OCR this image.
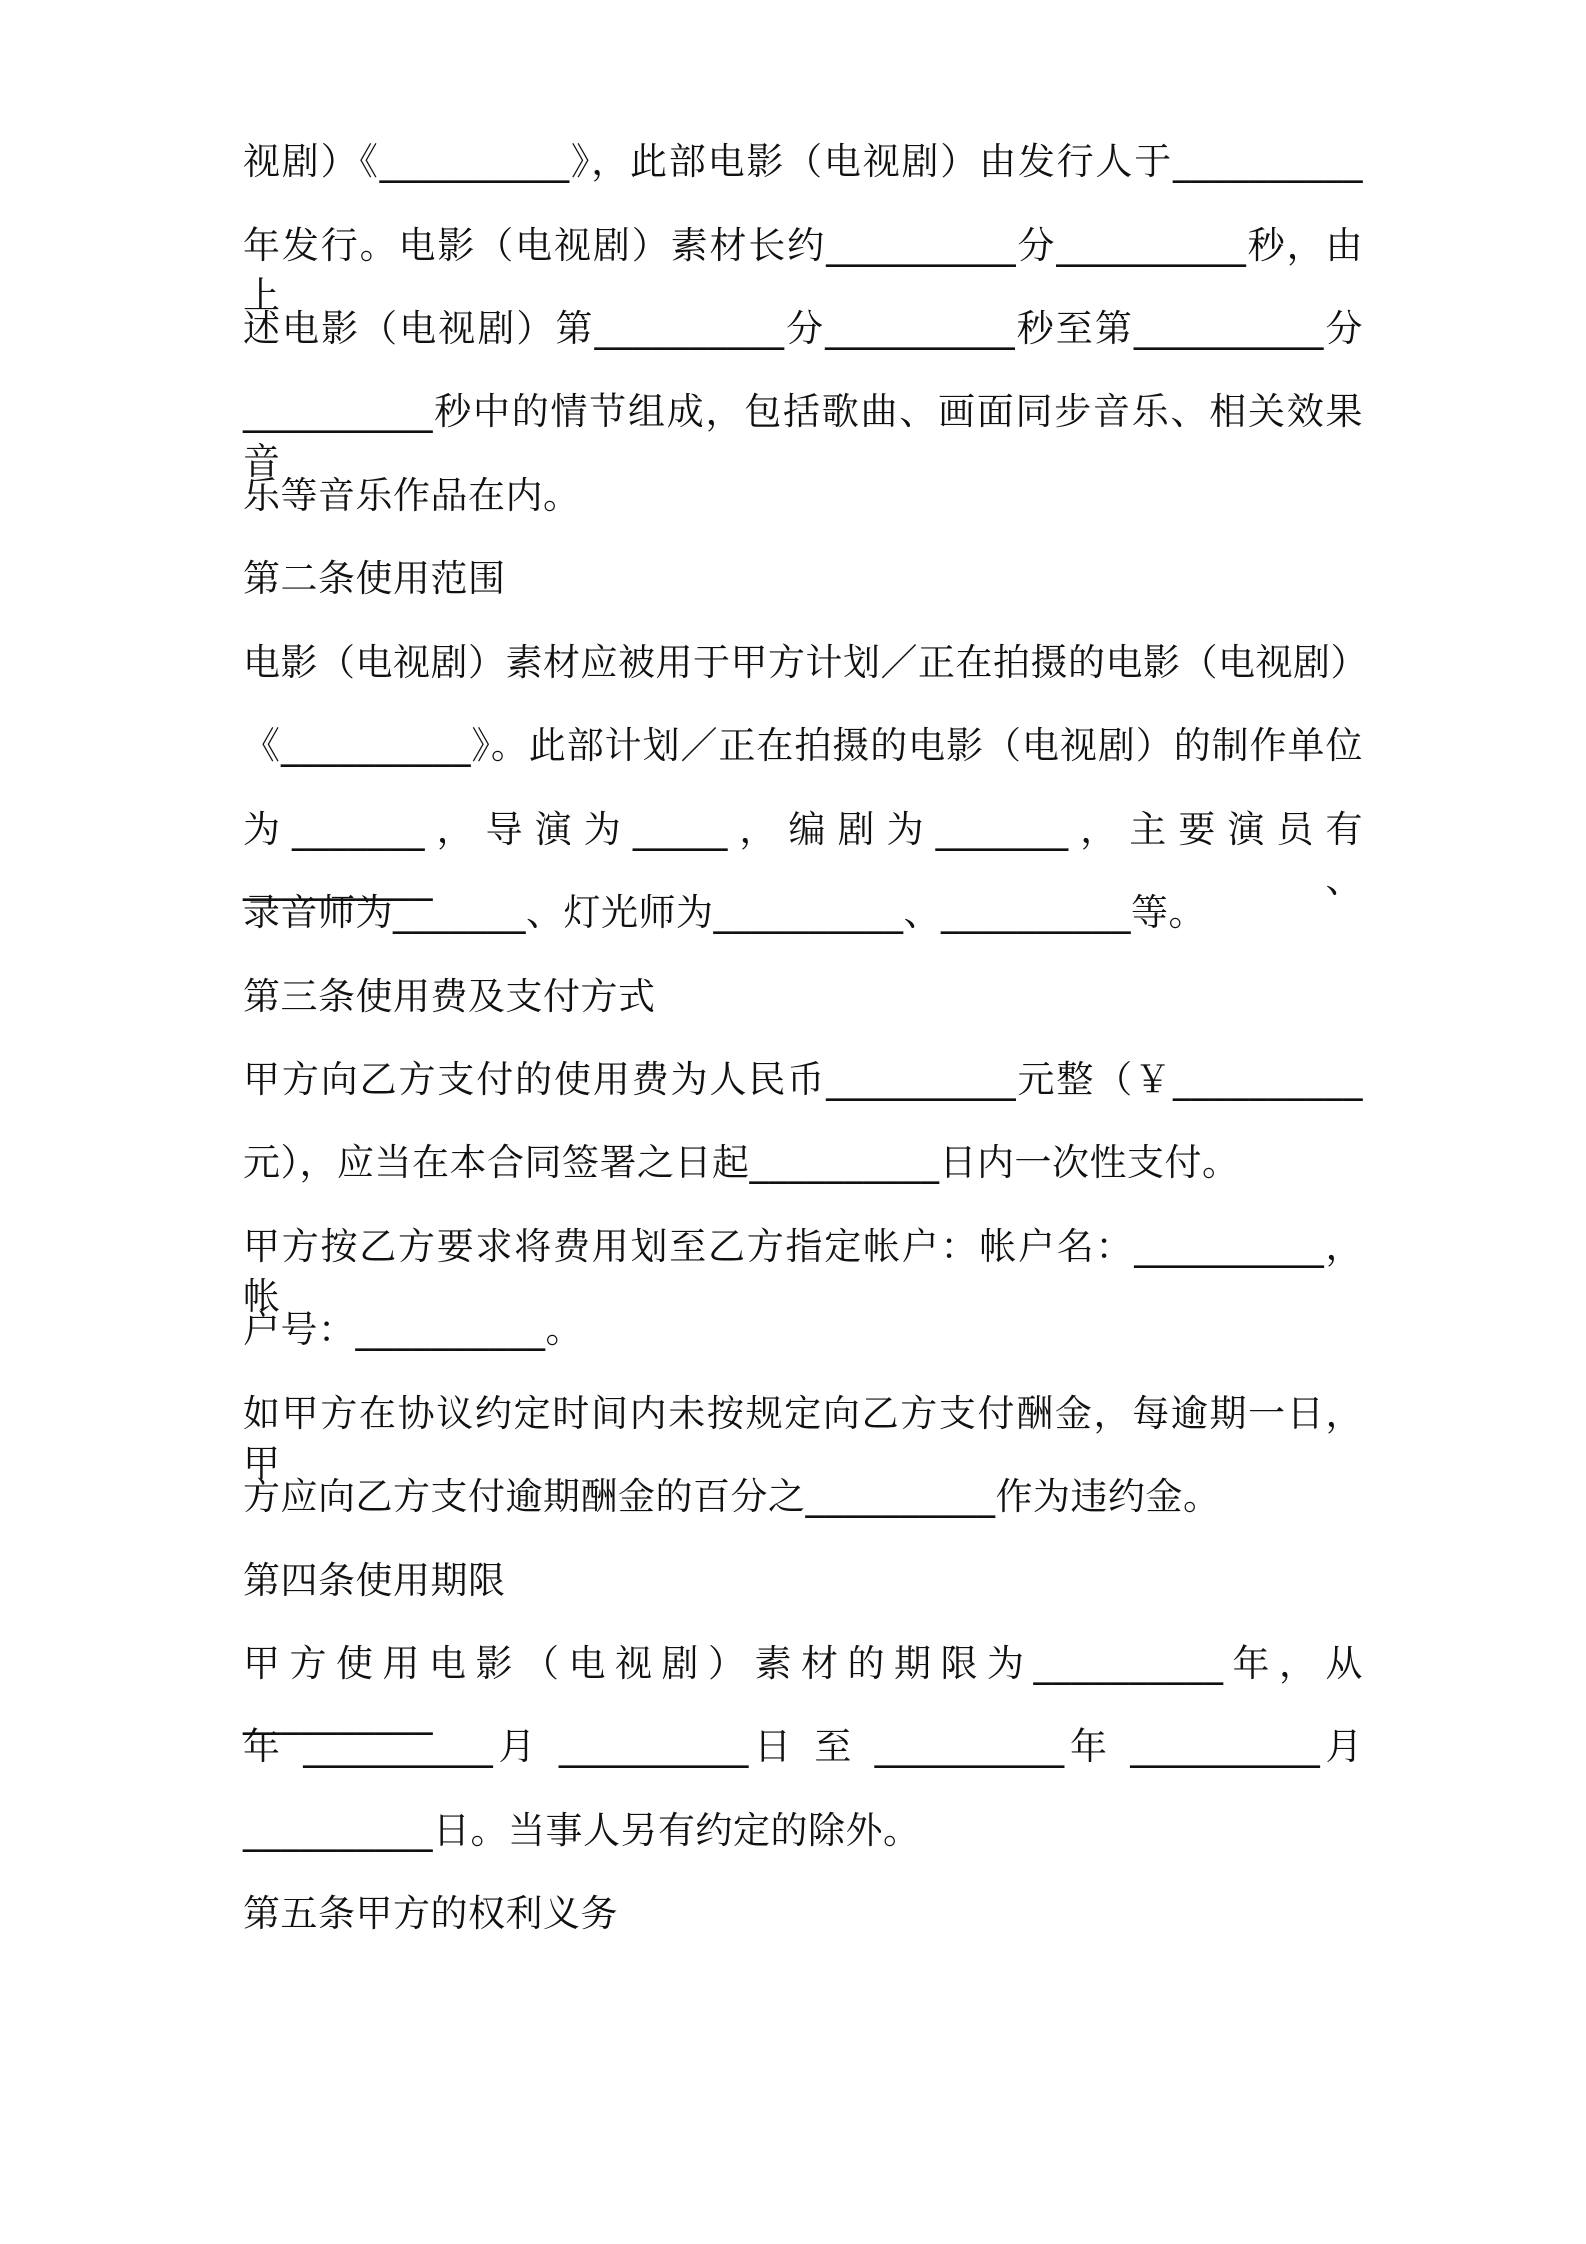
视剧）《__________》，此部电影（电视剧）由发行人于__________
年发行。电影（电视剧）素材长约__________分__________秒，由上
述电影（电视剧）第__________分__________秒至第__________分
__________秒中的情节组成，包括歌曲、画面同步音乐、相关效果音
乐等音乐作品在内。
第二条使用范围
电影（电视剧）素材应被用于甲方计划／正在拍摄的电影（电视剧）
《__________》。此部计划／正在拍摄的电影（电视剧）的制作单位
为_______，导演为_____，编剧为_______，主要演员有__________、
录音师为_______、灯光师为__________、__________等。
第三条使用费及支付方式
甲方向乙方支付的使用费为人民币__________元整（￥__________
元），应当在本合同签署之日起__________日内一次性支付。
甲方按乙方要求将费用划至乙方指定帐户：帐户名：__________，帐
户号：__________。
如甲方在协议约定时间内未按规定向乙方支付酬金，每逾期一日，甲
方应向乙方支付逾期酬金的百分之__________作为违约金。
第四条使用期限
甲方使用电影（电视剧）素材的期限为__________年，从__________
年 __________月 __________日 至 __________年 __________月
__________日。当事人另有约定的除外。
第五条甲方的权利义务
